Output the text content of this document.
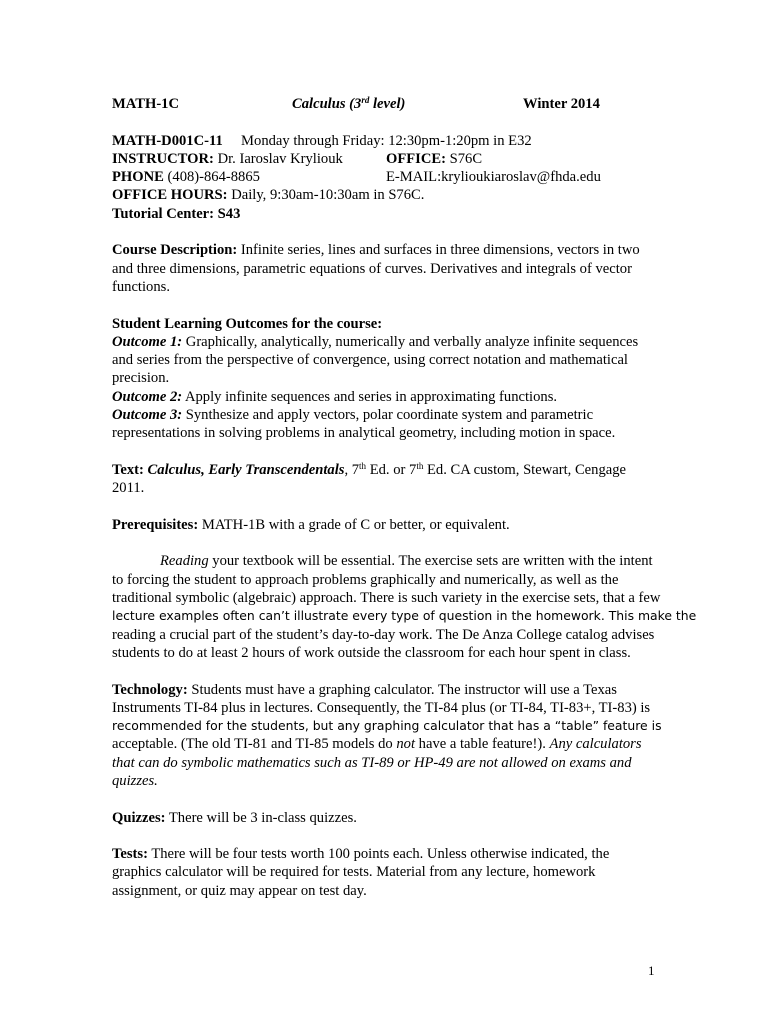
MATH-1C	Calculus (3rd level)	Winter 2014
MATH-D001C-11 Monday through Friday: 12:30pm-1:20pm in E32
INSTRUCTOR: Dr. Iaroslav Kryliouk	OFFICE: S76C
PHONE (408)-864-8865	E-MAIL:krylioukiaroslav@fhda.edu
OFFICE HOURS: Daily, 9:30am-10:30am in S76C.
Tutorial Center: S43
Course Description: Infinite series, lines and surfaces in three dimensions, vectors in two
and three dimensions, parametric equations of curves. Derivatives and integrals of vector
functions.
Student Learning Outcomes for the course:
Outcome 1: Graphically, analytically, numerically and verbally analyze infinite sequences
and series from the perspective of convergence, using correct notation and mathematical
precision.
Outcome 2: Apply infinite sequences and series in approximating functions.
Outcome 3: Synthesize and apply vectors, polar coordinate system and parametric
representations in solving problems in analytical geometry, including motion in space.
Text: Calculus, Early Transcendentals, 7th Ed. or 7th Ed. CA custom, Stewart, Cengage
2011.
Prerequisites: MATH-1B with a grade of C or better, or equivalent.
Reading your textbook will be essential. The exercise sets are written with the intent
to forcing the student to approach problems graphically and numerically, as well as the
traditional symbolic (algebraic) approach. There is such variety in the exercise sets, that a few
lecture examples often can’t illustrate every type of question in the homework. This make the
reading a crucial part of the student’s day-to-day work. The De Anza College catalog advises
students to do at least 2 hours of work outside the classroom for each hour spent in class.
Technology: Students must have a graphing calculator. The instructor will use a Texas
Instruments TI-84 plus in lectures. Consequently, the TI-84 plus (or TI-84, TI-83+, TI-83) is
recommended for the students, but any graphing calculator that has a “table” feature is
acceptable. (The old TI-81 and TI-85 models do not have a table feature!). Any calculators
that can do symbolic mathematics such as TI-89 or HP-49 are not allowed on exams and
quizzes.
Quizzes: There will be 3 in-class quizzes.
Tests: There will be four tests worth 100 points each. Unless otherwise indicated, the
graphics calculator will be required for tests. Material from any lecture, homework
assignment, or quiz may appear on test day.
1
